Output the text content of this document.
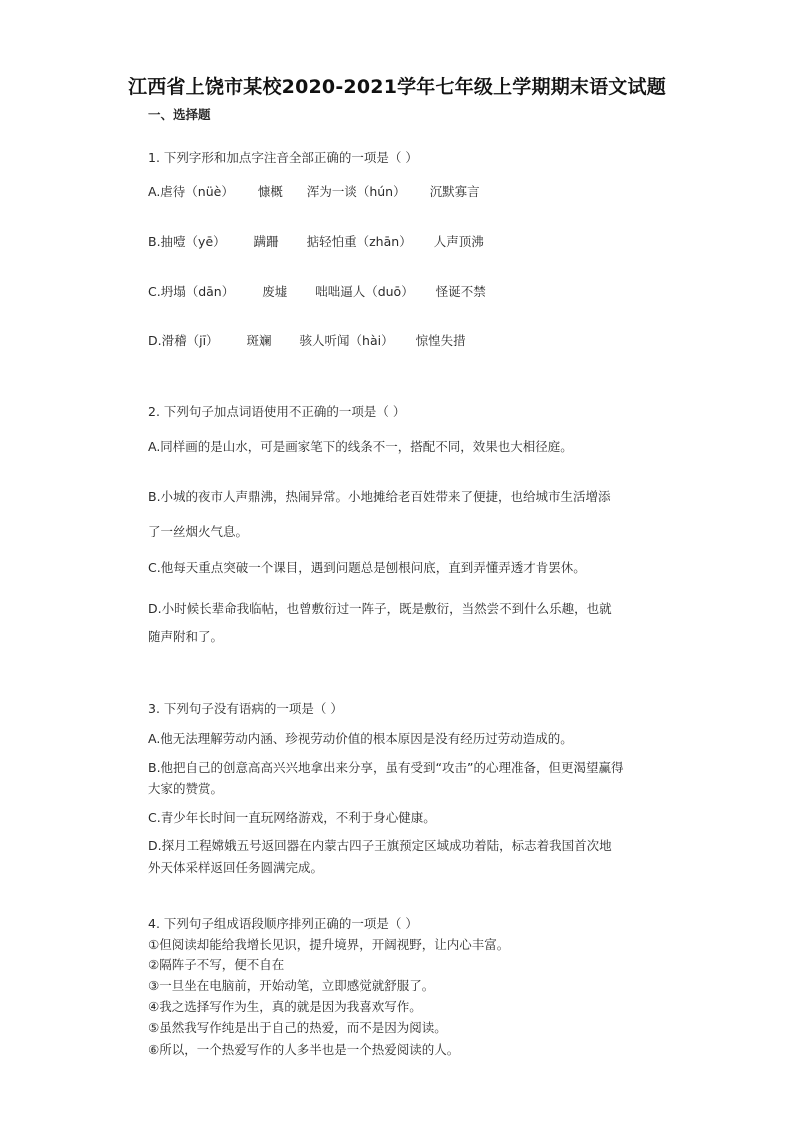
江西省上饶市某校2020-2021学年七年级上学期期末语文试题
一、选择题
1. 下列字形和加点字注音全部正确的一项是（ ）
A.虐待（nüè） 慷概 浑为一谈（hún） 沉默寡言
B.抽噎（yē） 蹒跚 掂轻怕重（zhān） 人声顶沸
C.坍塌（dān） 废墟 咄咄逼人（duō） 怪诞不禁
D.滑稽（jī） 斑斓 骇人听闻（hài） 惊惶失措
2. 下列句子加点词语使用不正确的一项是（ ）
A.同样画的是山水，可是画家笔下的线条不一，搭配不同，效果也大相径庭。
B.小城的夜市人声鼎沸，热闹异常。小地摊给老百姓带来了便捷，也给城市生活增添
了一丝烟火气息。
C.他每天重点突破一个课目，遇到问题总是刨根问底，直到弄懂弄透才肯罢休。
D.小时候长辈命我临帖，也曾敷衍过一阵子，既是敷衍，当然尝不到什么乐趣，也就
随声附和了。
3. 下列句子没有语病的一项是（ ）
A.他无法理解劳动内涵、珍视劳动价值的根本原因是没有经历过劳动造成的。
B.他把自己的创意高高兴兴地拿出来分享，虽有受到“攻击”的心理准备，但更渴望赢得
大家的赞赏。
C.青少年长时间一直玩网络游戏，不利于身心健康。
D.探月工程嫦娥五号返回器在内蒙古四子王旗预定区域成功着陆，标志着我国首次地
外天体采样返回任务圆满完成。
4. 下列句子组成语段顺序排列正确的一项是（ ）
①但阅读却能给我增长见识，提升境界，开阔视野，让内心丰富。
②隔阵子不写，便不自在
③一旦坐在电脑前，开始动笔，立即感觉就舒服了。
④我之选择写作为生，真的就是因为我喜欢写作。
⑤虽然我写作纯是出于自己的热爱，而不是因为阅读。
⑥所以，一个热爱写作的人多半也是一个热爱阅读的人。
